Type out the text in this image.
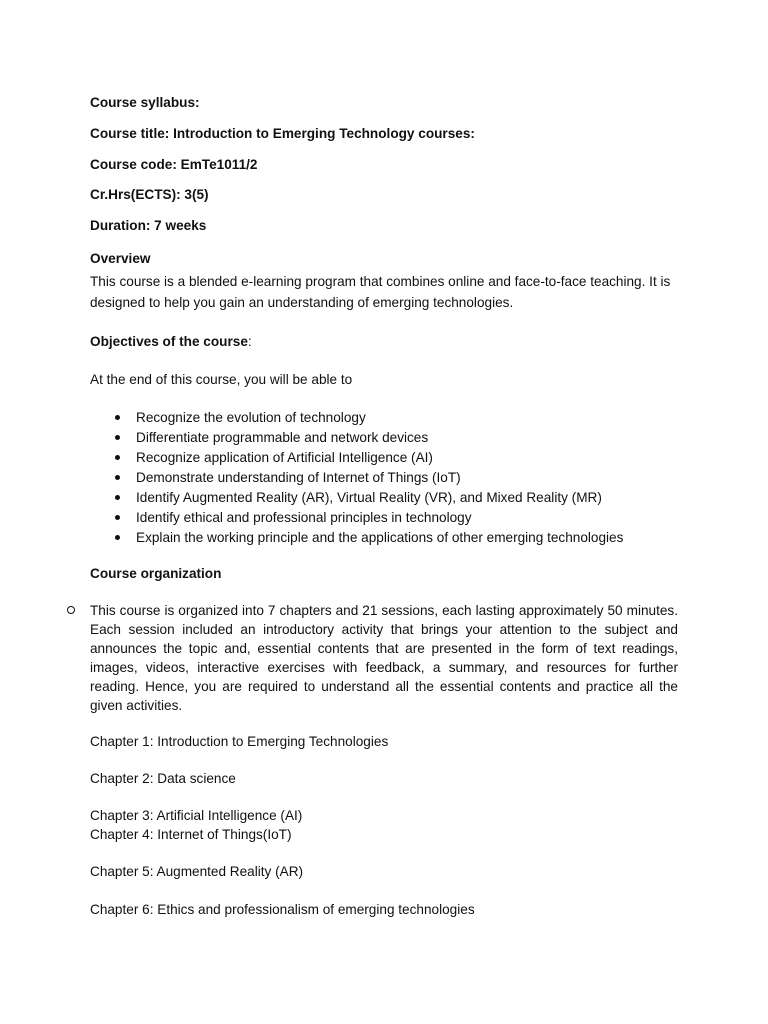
Course syllabus:
Course title: Introduction to Emerging Technology courses:
Course code: EmTe1011/2
Cr.Hrs(ECTS): 3(5)
Duration: 7 weeks
Overview
This course is a blended e-learning program that combines online and face-to-face teaching. It is designed to help you gain an understanding of emerging technologies.
Objectives of the course:
At the end of this course, you will be able to
Recognize the evolution of technology
Differentiate programmable and network devices
Recognize application of Artificial Intelligence (AI)
Demonstrate understanding of Internet of Things (IoT)
Identify Augmented Reality (AR), Virtual Reality (VR), and Mixed Reality (MR)
Identify ethical and professional principles in technology
Explain the working principle and the applications of other emerging technologies
Course organization
This course is organized into 7 chapters and 21 sessions, each lasting approximately 50 minutes. Each session included an introductory activity that brings your attention to the subject and announces the topic and, essential contents that are presented in the form of text readings, images, videos, interactive exercises with feedback, a summary, and resources for further reading. Hence, you are required to understand all the essential contents and practice all the given activities.
Chapter 1: Introduction to Emerging Technologies
Chapter 2: Data science
Chapter 3: Artificial Intelligence (AI)
Chapter 4: Internet of Things(IoT)
Chapter 5: Augmented Reality (AR)
Chapter 6: Ethics and professionalism of emerging technologies
